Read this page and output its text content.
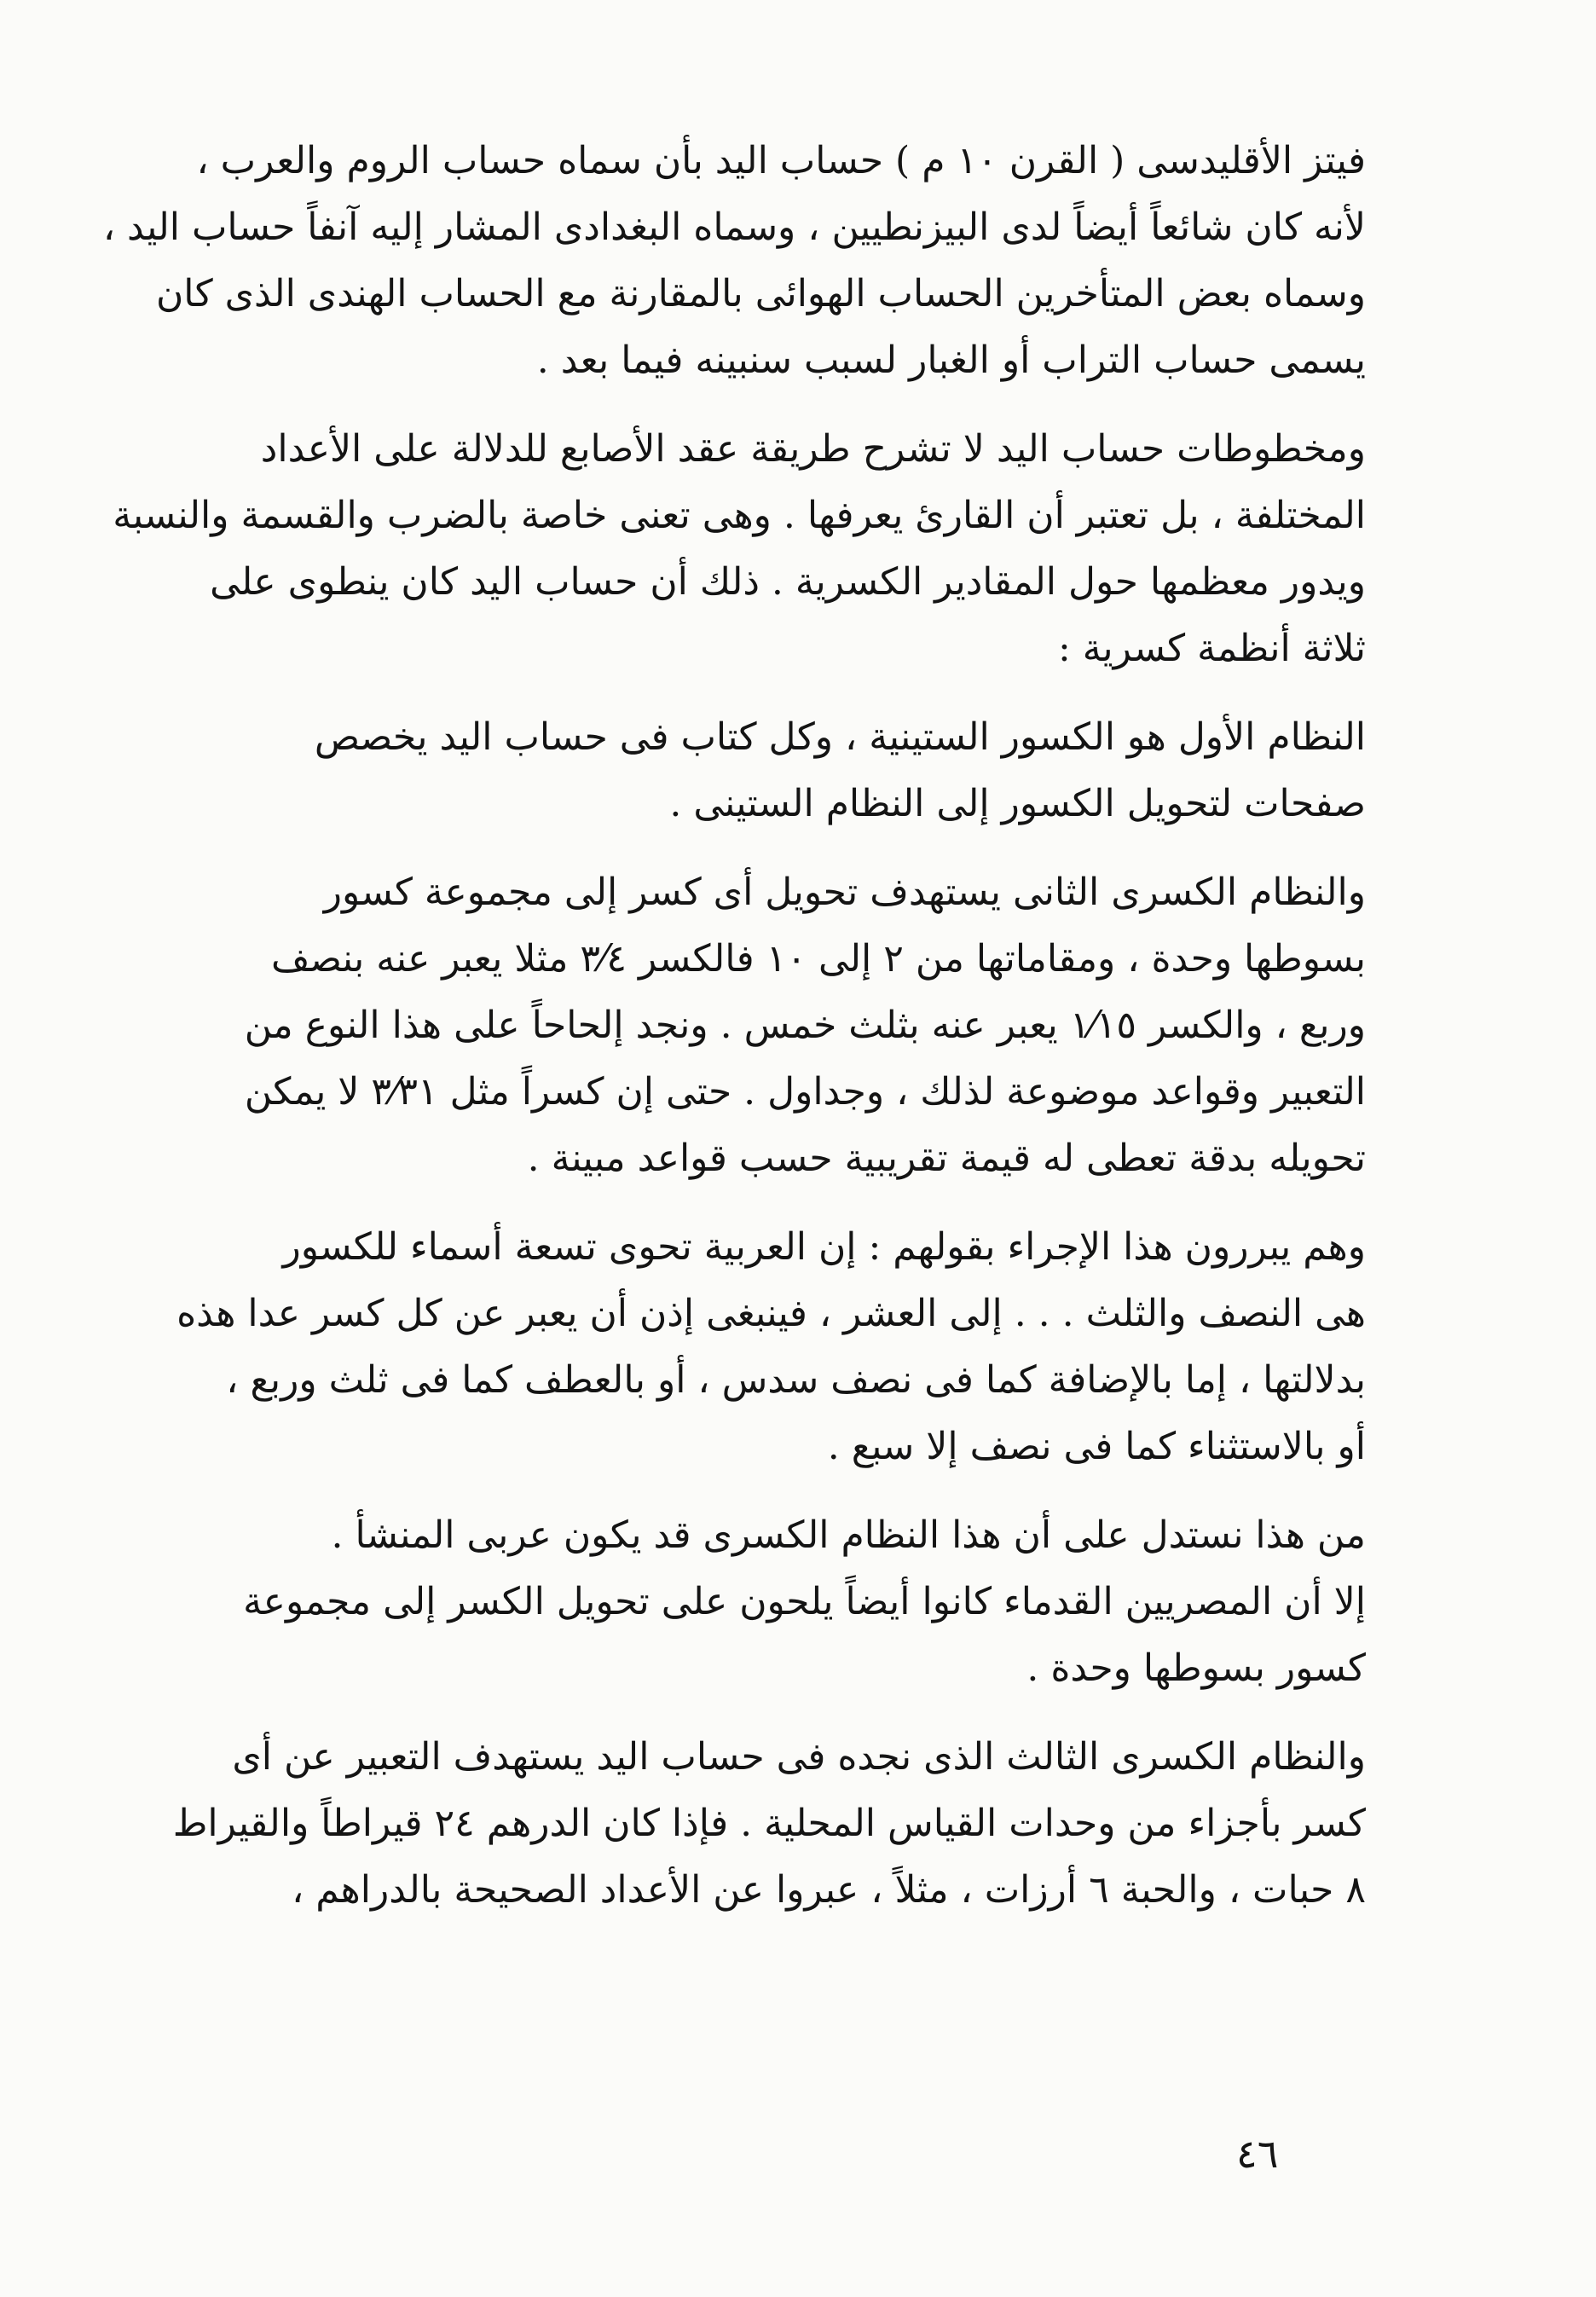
فيتز الأقليدسى ( القرن ١٠ م ) حساب اليد بأن سماه حساب الروم والعرب ،
لأنه كان شائعاً أيضاً لدى البيزنطيين ، وسماه البغدادى المشار إليه آنفاً حساب اليد ،
وسماه بعض المتأخرين الحساب الهوائى بالمقارنة مع الحساب الهندى الذى كان
يسمى حساب التراب أو الغبار لسبب سنبينه فيما بعد .

ومخطوطات حساب اليد لا تشرح طريقة عقد الأصابع للدلالة على الأعداد
المختلفة ، بل تعتبر أن القارئ يعرفها . وهى تعنى خاصة بالضرب والقسمة والنسبة
ويدور معظمها حول المقادير الكسرية . ذلك أن حساب اليد كان ينطوى على
ثلاثة أنظمة كسرية :

النظام الأول هو الكسور الستينية ، وكل كتاب فى حساب اليد يخصص
صفحات لتحويل الكسور إلى النظام الستينى .

والنظام الكسرى الثانى يستهدف تحويل أى كسر إلى مجموعة كسور
بسوطها وحدة ، ومقاماتها من ٢ إلى ١٠ فالكسر ٣⁄٤ مثلا يعبر عنه بنصف
وربع ، والكسر ١⁄١٥ يعبر عنه بثلث خمس . ونجد إلحاحاً على هذا النوع من
التعبير وقواعد موضوعة لذلك ، وجداول . حتى إن كسراً مثل ٣⁄٣١ لا يمكن
تحويله بدقة تعطى له قيمة تقريبية حسب قواعد مبينة .

وهم يبررون هذا الإجراء بقولهم : إن العربية تحوى تسعة أسماء للكسور
هى النصف والثلث . . . إلى العشر ، فينبغى إذن أن يعبر عن كل كسر عدا هذه
بدلالتها ، إما بالإضافة كما فى نصف سدس ، أو بالعطف كما فى ثلث وربع ،
أو بالاستثناء كما فى نصف إلا سبع .

من هذا نستدل على أن هذا النظام الكسرى قد يكون عربى المنشأ .
إلا أن المصريين القدماء كانوا أيضاً يلحون على تحويل الكسر إلى مجموعة
كسور بسوطها وحدة .

والنظام الكسرى الثالث الذى نجده فى حساب اليد يستهدف التعبير عن أى
كسر بأجزاء من وحدات القياس المحلية . فإذا كان الدرهم ٢٤ قيراطاً والقيراط
٨ حبات ، والحبة ٦ أرزات ، مثلاً ، عبروا عن الأعداد الصحيحة بالدراهم ،

٤٦
